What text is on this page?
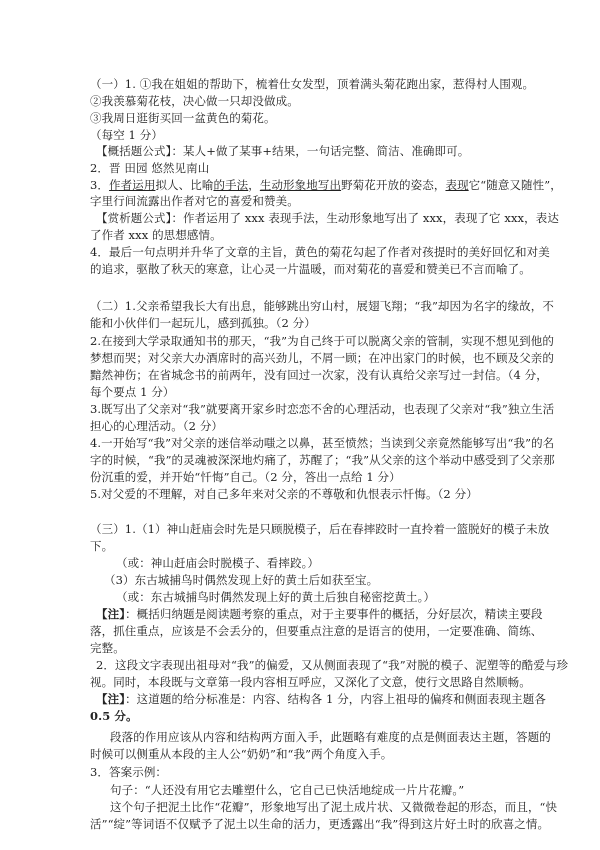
（一）1. ①我在姐姐的帮助下，梳着仕女发型，顶着满头菊花跑出家，惹得村人围观。
②我羡慕菊花枝，决心做一只却没做成。
③我周日逛街买回一盆黄色的菊花。
（每空 1 分）
【概括题公式】：某人+做了某事+结果，一句话完整、简洁、准确即可。
2．晋 田园 悠然见南山
3．作者运用拟人、比喻的手法，生动形象地写出野菊花开放的姿态，表现它“随意又随性”，
字里行间流露出作者对它的喜爱和赞美。
【赏析题公式】：作者运用了 xxx 表现手法，生动形象地写出了 xxx，表现了它 xxx，表达
了作者 xxx 的思想感情。
4．最后一句点明并升华了文章的主旨，黄色的菊花勾起了作者对孩提时的美好回忆和对美
的追求，驱散了秋天的寒意，让心灵一片温暖，而对菊花的喜爱和赞美已不言而喻了。
（二）1.父亲希望我长大有出息，能够跳出穷山村，展翅飞翔；“我”却因为名字的缘故，不
能和小伙伴们一起玩儿，感到孤独。（2 分）
2.在接到大学录取通知书的那天，“我”为自己终于可以脱离父亲的管制，实现不想见到他的
梦想而哭；对父亲大办酒席时的高兴劲儿，不屑一顾；在冲出家门的时候，也不顾及父亲的
黯然神伤；在省城念书的前两年，没有回过一次家，没有认真给父亲写过一封信。（4 分，
每个要点 1 分）
3.既写出了父亲对“我”就要离开家乡时恋恋不舍的心理活动，也表现了父亲对“我”独立生活
担心的心理活动。（2 分）
4.一开始写“我”对父亲的迷信举动嗤之以鼻，甚至愤然；当读到父亲竟然能够写出“我”的名
字的时候，“我”的灵魂被深深地灼痛了，苏醒了；“我”从父亲的这个举动中感受到了父亲那
份沉重的爱，并开始“忏悔”自己。（2 分，答出一点给 1 分）
5.对父爱的不理解，对自己多年来对父亲的不尊敬和仇恨表示忏悔。（2 分）
（三）1.（1）神山赶庙会时先是只顾脱模子，后在春摔跤时一直拎着一篮脱好的模子未放
下。
（或：神山赶庙会时脱模子、看摔跤。）
（3）东古城捕鸟时偶然发现上好的黄土后如获至宝。
（或：东古城捕鸟时偶然发现上好的黄土后独自秘密挖黄土。）
【注】：概括归纳题是阅读题考察的重点，对于主要事件的概括，分好层次，精读主要段
落，抓住重点，应该是不会丢分的，但要重点注意的是语言的使用，一定要准确、简练、
完整。
2．这段文字表现出祖母对“我”的偏爱，又从侧面表现了“我”对脱的模子、泥塑等的酷爱与珍
视。同时，本段既与文章第一段内容相互呼应，又深化了文意，使行文思路自然顺畅。
【注】：这道题的给分标准是：内容、结构各 1 分，内容上祖母的偏疼和侧面表现主题各
0.5 分。
段落的作用应该从内容和结构两方面入手，此题略有难度的点是侧面表达主题，答题的
时候可以侧重从本段的主人公“奶奶”和“我”两个角度入手。
3．答案示例：
句子：“人还没有用它去雕塑什么，它自己已快活地绽成一片片花瓣。”
这个句子把泥土比作“花瓣”，形象地写出了泥土成片状、又微微卷起的形态，而且，“快
活”“绽”等词语不仅赋予了泥土以生命的活力，更透露出“我”得到这片好土时的欣喜之情。
